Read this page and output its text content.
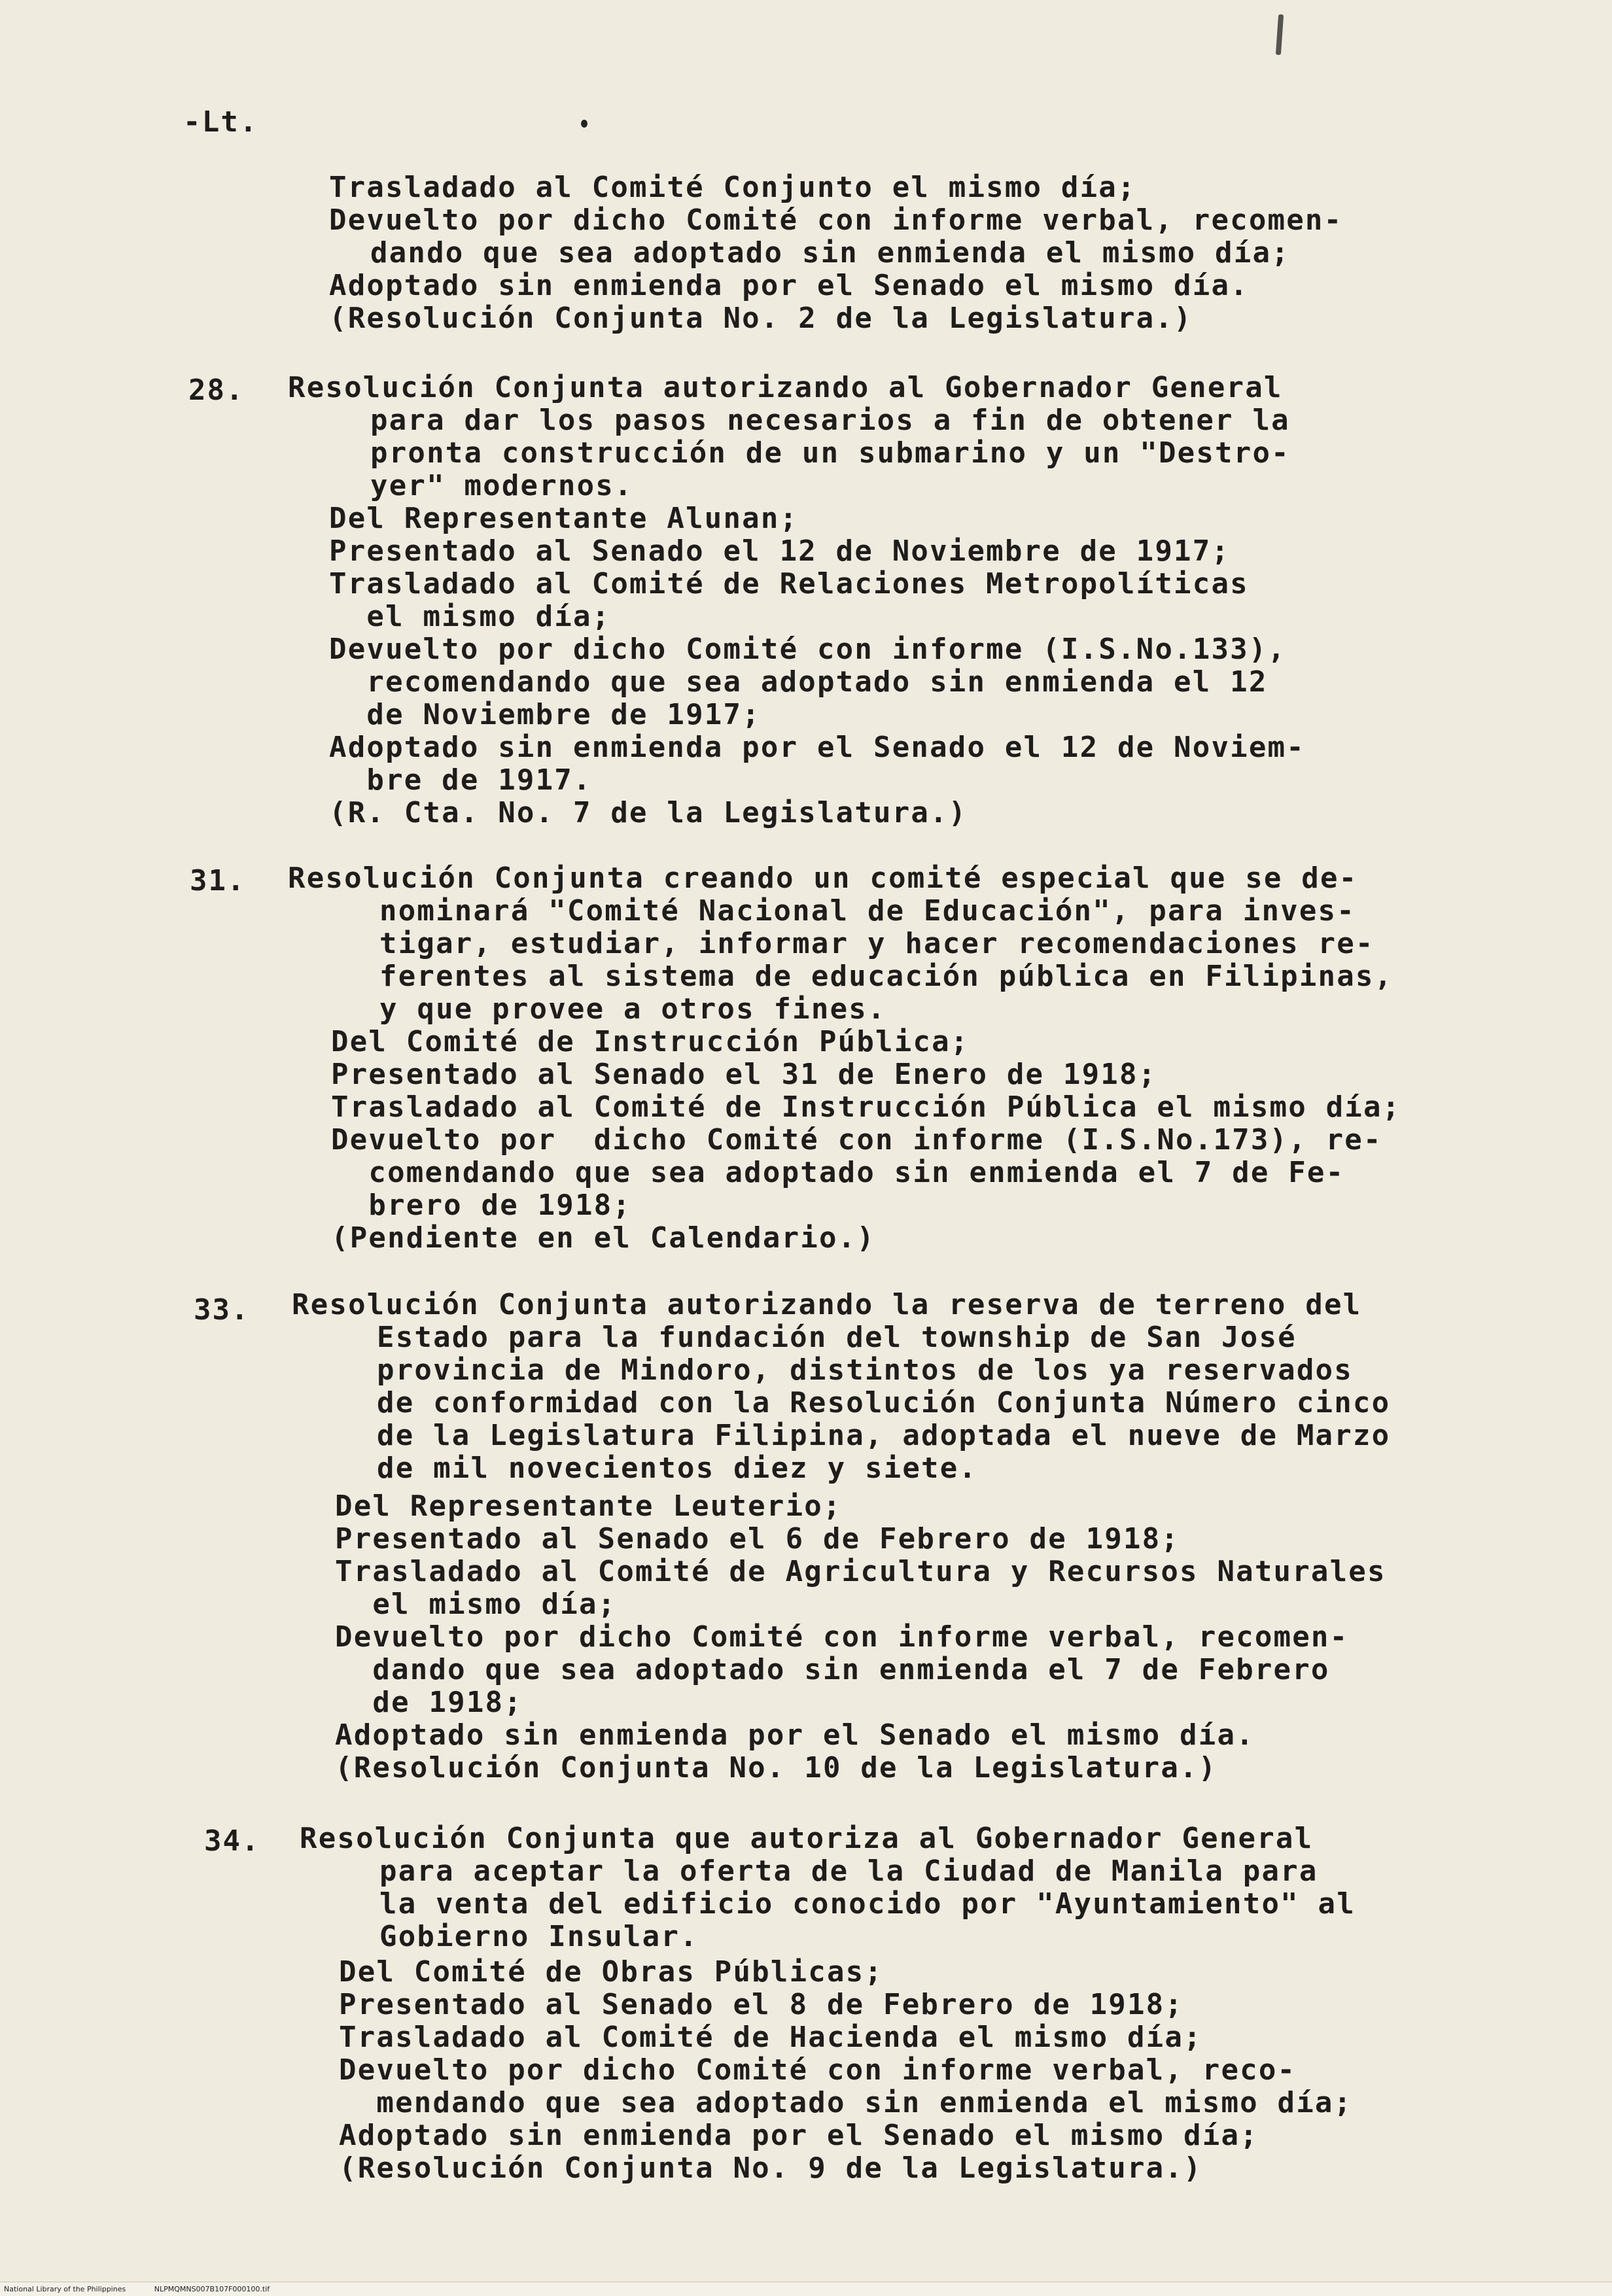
-Lt.
Trasladado al Comité Conjunto el mismo día;
Devuelto por dicho Comité con informe verbal, recomen-
dando que sea adoptado sin enmienda el mismo día;
Adoptado sin enmienda por el Senado el mismo día.
(Resolución Conjunta No. 2 de la Legislatura.)
28. Resolución Conjunta autorizando al Gobernador General
para dar los pasos necesarios a fin de obtener la
pronta construcción de un submarino y un "Destro-
yer" modernos.
Del Representante Alunan;
Presentado al Senado el 12 de Noviembre de 1917;
Trasladado al Comité de Relaciones Metropolíticas
el mismo día;
Devuelto por dicho Comité con informe (I.S.No.133),
recomendando que sea adoptado sin enmienda el 12
de Noviembre de 1917;
Adoptado sin enmienda por el Senado el 12 de Noviem-
bre de 1917.
(R. Cta. No. 7 de la Legislatura.)
31. Resolución Conjunta creando un comité especial que se de-
nominará "Comité Nacional de Educación", para inves-
tigar, estudiar, informar y hacer recomendaciones re-
ferentes al sistema de educación pública en Filipinas,
y que provee a otros fines.
Del Comité de Instrucción Pública;
Presentado al Senado el 31 de Enero de 1918;
Trasladado al Comité de Instrucción Pública el mismo día;
Devuelto por  dicho Comité con informe (I.S.No.173), re-
comendando que sea adoptado sin enmienda el 7 de Fe-
brero de 1918;
(Pendiente en el Calendario.)
33. Resolución Conjunta autorizando la reserva de terreno del
Estado para la fundación del township de San José
provincia de Mindoro, distintos de los ya reservados
de conformidad con la Resolución Conjunta Número cinco
de la Legislatura Filipina, adoptada el nueve de Marzo
de mil novecientos diez y siete.
Del Representante Leuterio;
Presentado al Senado el 6 de Febrero de 1918;
Trasladado al Comité de Agricultura y Recursos Naturales
el mismo día;
Devuelto por dicho Comité con informe verbal, recomen-
dando que sea adoptado sin enmienda el 7 de Febrero
de 1918;
Adoptado sin enmienda por el Senado el mismo día.
(Resolución Conjunta No. 10 de la Legislatura.)
34. Resolución Conjunta que autoriza al Gobernador General
para aceptar la oferta de la Ciudad de Manila para
la venta del edificio conocido por "Ayuntamiento" al
Gobierno Insular.
Del Comité de Obras Públicas;
Presentado al Senado el 8 de Febrero de 1918;
Trasladado al Comité de Hacienda el mismo día;
Devuelto por dicho Comité con informe verbal, reco-
mendando que sea adoptado sin enmienda el mismo día;
Adoptado sin enmienda por el Senado el mismo día;
(Resolución Conjunta No. 9 de la Legislatura.)
National Library of the Philippines	NLPMQMNS007B107F000100.tif
